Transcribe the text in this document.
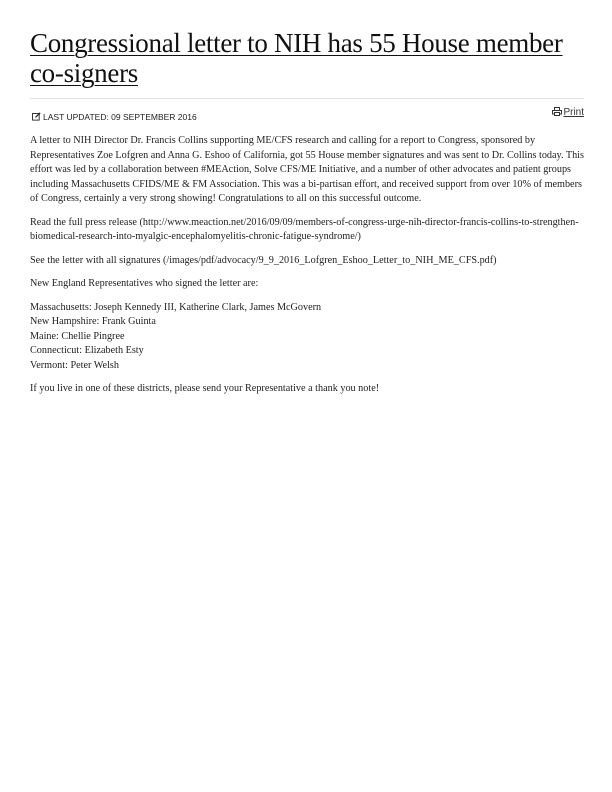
Congressional letter to NIH has 55 House member co-signers
LAST UPDATED: 09 SEPTEMBER 2016	Print

A letter to NIH Director Dr. Francis Collins supporting ME/CFS research and calling for a report to Congress, sponsored by Representatives Zoe Lofgren and Anna G. Eshoo of California, got 55 House member signatures and was sent to Dr. Collins today. This effort was led by a collaboration between #MEAction, Solve CFS/ME Initiative, and a number of other advocates and patient groups including Massachusetts CFIDS/ME & FM Association. This was a bi-partisan effort, and received support from over 10% of members of Congress, certainly a very strong showing! Congratulations to all on this successful outcome.

Read the full press release (http://www.meaction.net/2016/09/09/members-of-congress-urge-nih-director-francis-collins-to-strengthen-biomedical-research-into-myalgic-encephalomyelitis-chronic-fatigue-syndrome/)

See the letter with all signatures (/images/pdf/advocacy/9_9_2016_Lofgren_Eshoo_Letter_to_NIH_ME_CFS.pdf)

New England Representatives who signed the letter are:

Massachusetts: Joseph Kennedy III, Katherine Clark, James McGovern
New Hampshire: Frank Guinta
Maine: Chellie Pingree
Connecticut: Elizabeth Esty
Vermont: Peter Welsh

If you live in one of these districts, please send your Representative a thank you note!
